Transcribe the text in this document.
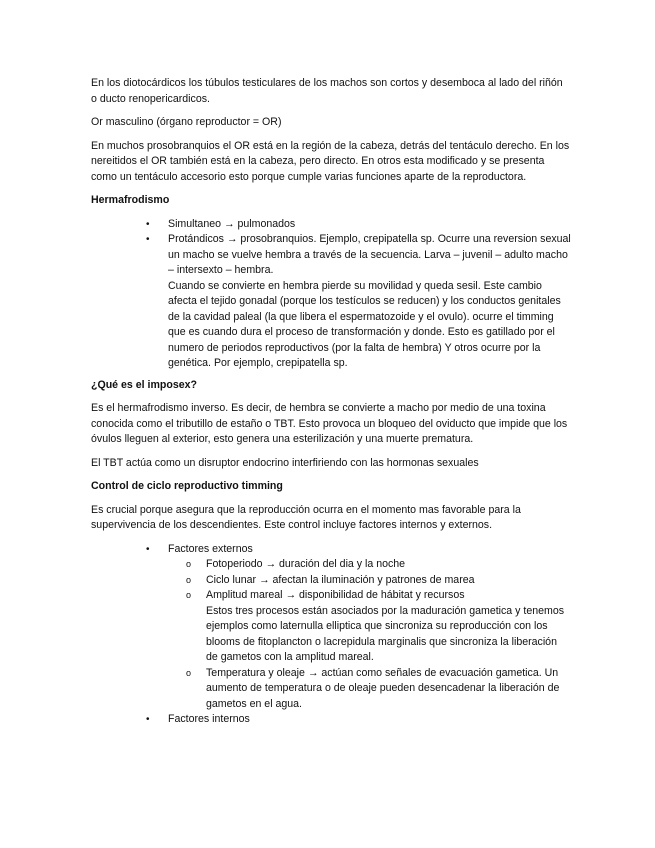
En los diotocárdicos los túbulos testiculares de los machos son cortos y desemboca al lado del riñón o ducto renopericardicos.

Or masculino (órgano reproductor = OR)

En muchos prosobranquios el OR está en la región de la cabeza, detrás del tentáculo derecho. En los nereitidos el OR también está en la cabeza, pero directo. En otros esta modificado y se presenta como un tentáculo accesorio esto porque cumple varias funciones aparte de la reproductora.

Hermafrodismo
• Simultaneo → pulmonados
• Protándicos → prosobranquios. Ejemplo, crepipatella sp. Ocurre una reversion sexual un macho se vuelve hembra a través de la secuencia. Larva – juvenil – adulto macho – intersexto – hembra.
Cuando se convierte en hembra pierde su movilidad y queda sesil. Este cambio afecta el tejido gonadal (porque los testículos se reducen) y los conductos genitales de la cavidad paleal (la que libera el espermatozoide y el ovulo). ocurre el timming que es cuando dura el proceso de transformación y donde. Esto es gatillado por el numero de periodos reproductivos (por la falta de hembra) Y otros ocurre por la genética. Por ejemplo, crepipatella sp.
¿Qué es el imposex?

Es el hermafrodismo inverso. Es decir, de hembra se convierte a macho por medio de una toxina conocida como el tributillo de estaño o TBT. Esto provoca un bloqueo del oviducto que impide que los óvulos lleguen al exterior, esto genera una esterilización y una muerte prematura.

El TBT actúa como un disruptor endocrino interfiriendo con las hormonas sexuales

Control de ciclo reproductivo timming

Es crucial porque asegura que la reproducción ocurra en el momento mas favorable para la supervivencia de los descendientes. Este control incluye factores internos y externos.

• Factores externos
o Fotoperiodo → duración del dia y la noche
o Ciclo lunar → afectan la iluminación y patrones de marea
o Amplitud mareal → disponibilidad de hábitat y recursos
Estos tres procesos están asociados por la maduración gametica y tenemos ejemplos como laternulla elliptica que sincroniza su reproducción con los blooms de fitoplancton o lacrepidula marginalis que sincroniza la liberación de gametos con la amplitud mareal.
o Temperatura y oleaje → actúan como señales de evacuación gametica. Un aumento de temperatura o de oleaje pueden desencadenar la liberación de gametos en el agua.
• Factores internos
